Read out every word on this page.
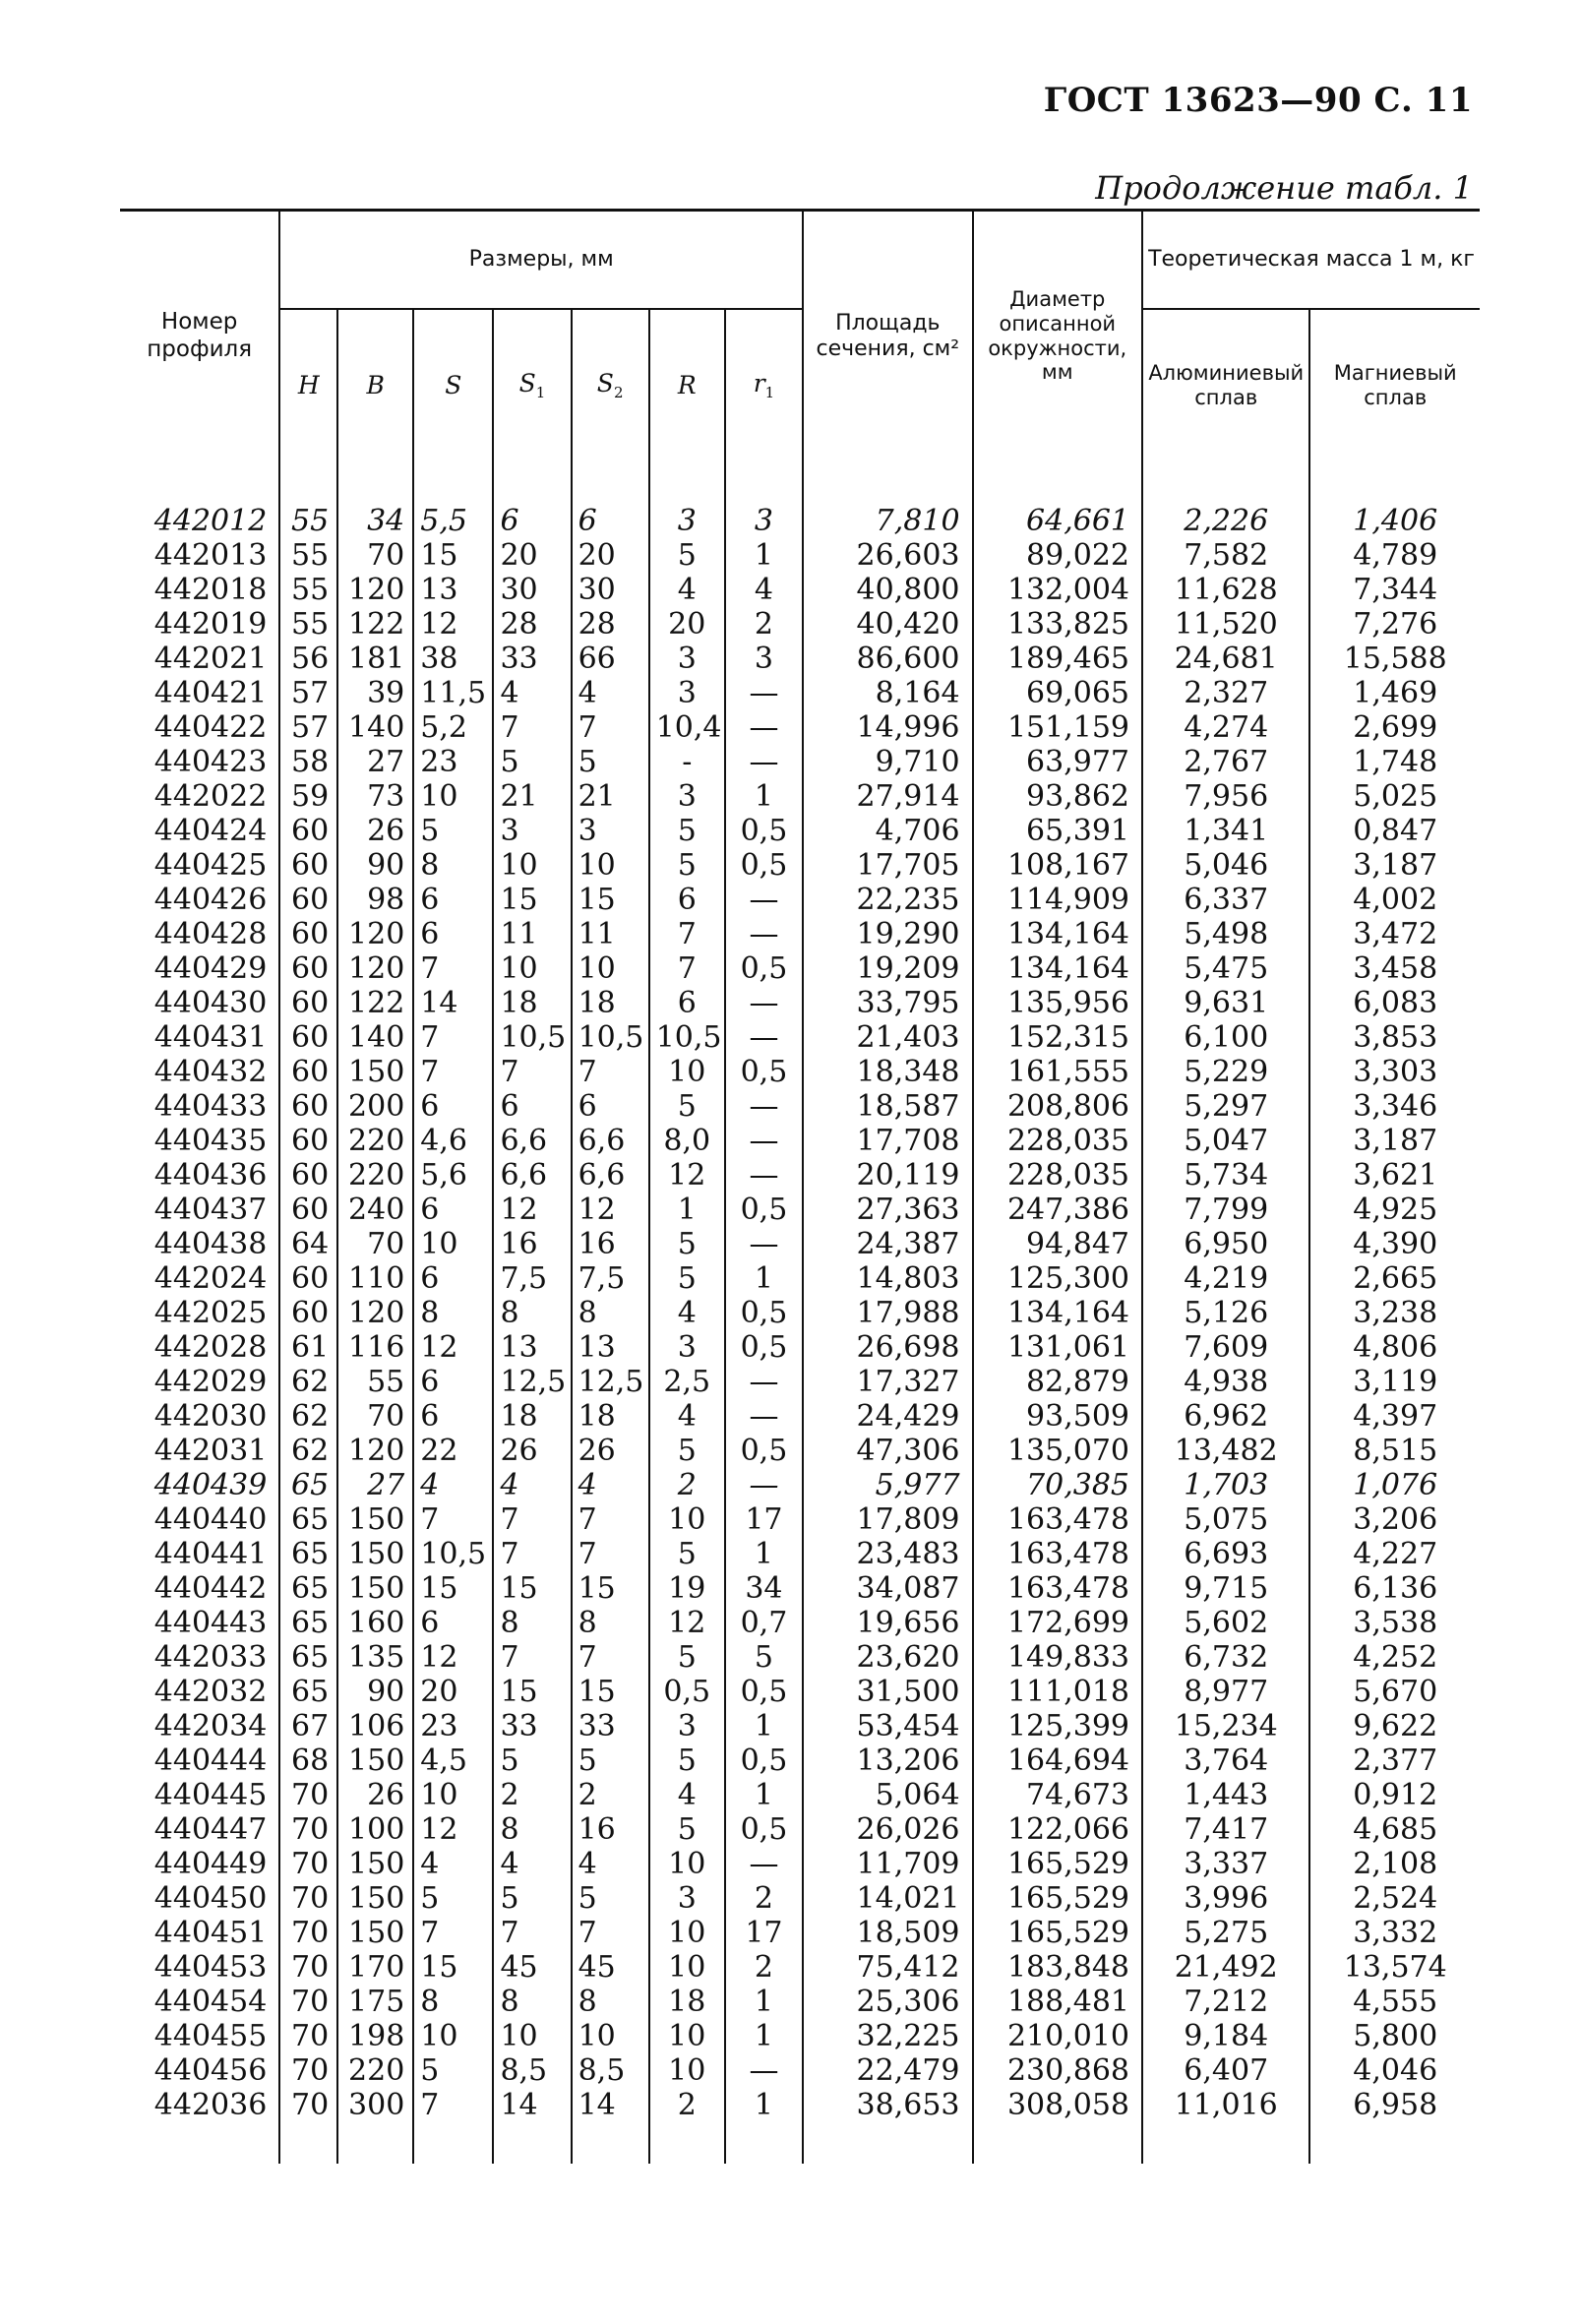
ГОСТ 13623—90 С. 11
Продолжение табл. 1
Номер профиля	Размеры, мм							Площадь сечения, см²	Диаметр описанной окружности, мм	Теоретическая масса 1 м, кг	
	H	B	S	$S_1$	$S_2$	R	$r_1$			Алюминиевый сплав	Магниевый сплав

442012	55	34	5,5	6	6	3	3	7,810	64,661	2,226	1,406
442013	55	70	15	20	20	5	1	26,603	89,022	7,582	4,789
442018	55	120	13	30	30	4	4	40,800	132,004	11,628	7,344
442019	55	122	12	28	28	20	2	40,420	133,825	11,520	7,276
442021	56	181	38	33	66	3	3	86,600	189,465	24,681	15,588
440421	57	39	11,5	4	4	3	—	8,164	69,065	2,327	1,469
440422	57	140	5,2	7	7	10,4	—	14,996	151,159	4,274	2,699
440423	58	27	23	5	5	-	—	9,710	63,977	2,767	1,748
442022	59	73	10	21	21	3	1	27,914	93,862	7,956	5,025
440424	60	26	5	3	3	5	0,5	4,706	65,391	1,341	0,847
440425	60	90	8	10	10	5	0,5	17,705	108,167	5,046	3,187
440426	60	98	6	15	15	6	—	22,235	114,909	6,337	4,002
440428	60	120	6	11	11	7	—	19,290	134,164	5,498	3,472
440429	60	120	7	10	10	7	0,5	19,209	134,164	5,475	3,458
440430	60	122	14	18	18	6	—	33,795	135,956	9,631	6,083
440431	60	140	7	10,5	10,5	10,5	—	21,403	152,315	6,100	3,853
440432	60	150	7	7	7	10	0,5	18,348	161,555	5,229	3,303
440433	60	200	6	6	6	5	—	18,587	208,806	5,297	3,346
440435	60	220	4,6	6,6	6,6	8,0	—	17,708	228,035	5,047	3,187
440436	60	220	5,6	6,6	6,6	12	—	20,119	228,035	5,734	3,621
440437	60	240	6	12	12	1	0,5	27,363	247,386	7,799	4,925
440438	64	70	10	16	16	5	—	24,387	94,847	6,950	4,390
442024	60	110	6	7,5	7,5	5	1	14,803	125,300	4,219	2,665
442025	60	120	8	8	8	4	0,5	17,988	134,164	5,126	3,238
442028	61	116	12	13	13	3	0,5	26,698	131,061	7,609	4,806
442029	62	55	6	12,5	12,5	2,5	—	17,327	82,879	4,938	3,119
442030	62	70	6	18	18	4	—	24,429	93,509	6,962	4,397
442031	62	120	22	26	26	5	0,5	47,306	135,070	13,482	8,515
440439	65	27	4	4	4	2	—	5,977	70,385	1,703	1,076
440440	65	150	7	7	7	10	17	17,809	163,478	5,075	3,206
440441	65	150	10,5	7	7	5	1	23,483	163,478	6,693	4,227
440442	65	150	15	15	15	19	34	34,087	163,478	9,715	6,136
440443	65	160	6	8	8	12	0,7	19,656	172,699	5,602	3,538
442033	65	135	12	7	7	5	5	23,620	149,833	6,732	4,252
442032	65	90	20	15	15	0,5	0,5	31,500	111,018	8,977	5,670
442034	67	106	23	33	33	3	1	53,454	125,399	15,234	9,622
440444	68	150	4,5	5	5	5	0,5	13,206	164,694	3,764	2,377
440445	70	26	10	2	2	4	1	5,064	74,673	1,443	0,912
440447	70	100	12	8	16	5	0,5	26,026	122,066	7,417	4,685
440449	70	150	4	4	4	10	—	11,709	165,529	3,337	2,108
440450	70	150	5	5	5	3	2	14,021	165,529	3,996	2,524
440451	70	150	7	7	7	10	17	18,509	165,529	5,275	3,332
440453	70	170	15	45	45	10	2	75,412	183,848	21,492	13,574
440454	70	175	8	8	8	18	1	25,306	188,481	7,212	4,555
440455	70	198	10	10	10	10	1	32,225	210,010	9,184	5,800
440456	70	220	5	8,5	8,5	10	—	22,479	230,868	6,407	4,046
442036	70	300	7	14	14	2	1	38,653	308,058	11,016	6,958
